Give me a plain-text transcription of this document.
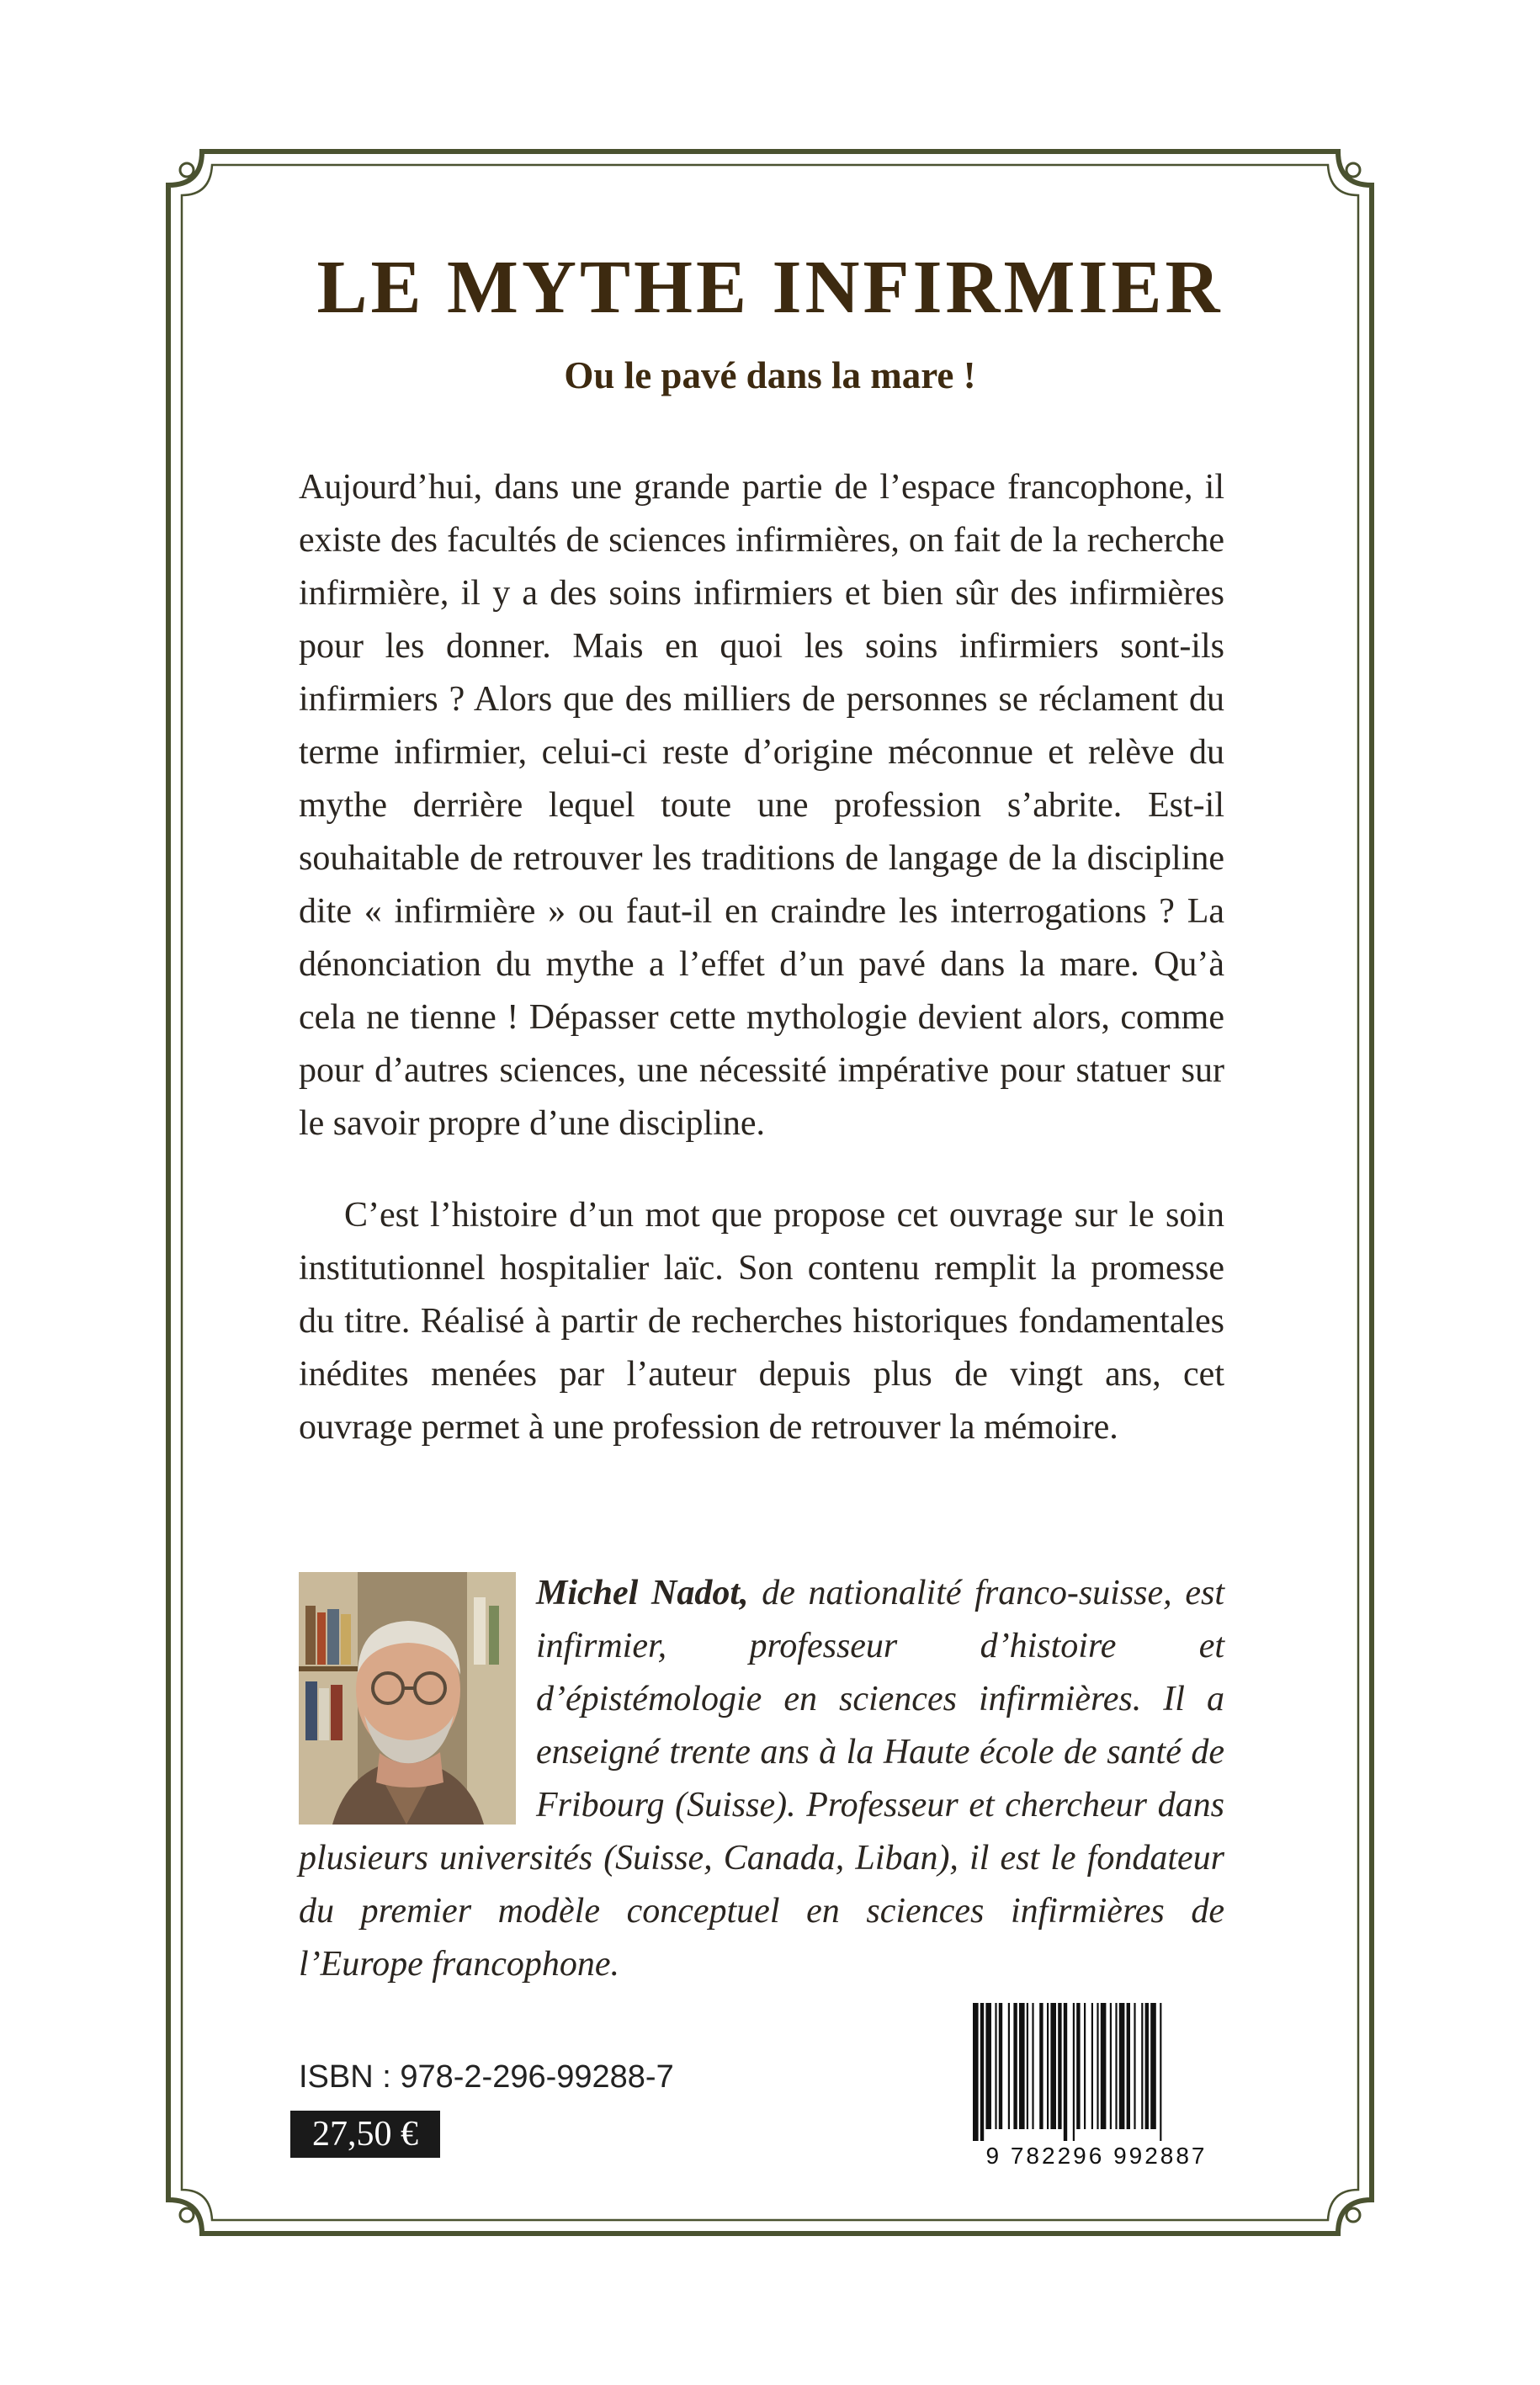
LE MYTHE INFIRMIER
Ou le pavé dans la mare !

Aujourd’hui, dans une grande partie de l’espace francophone, il existe des facultés de sciences infirmières, on fait de la recherche infirmière, il y a des soins infirmiers et bien sûr des infirmières pour les donner. Mais en quoi les soins infirmiers sont-ils infirmiers ? Alors que des milliers de personnes se réclament du terme infirmier, celui-ci reste d’origine méconnue et relève du mythe derrière lequel toute une profession s’abrite. Est-il souhaitable de retrouver les traditions de langage de la discipline dite « infirmière » ou faut-il en craindre les interrogations ? La dénonciation du mythe a l’effet d’un pavé dans la mare. Qu’à cela ne tienne ! Dépasser cette mythologie devient alors, comme pour d’autres sciences, une nécessité impérative pour statuer sur le savoir propre d’une discipline.

C’est l’histoire d’un mot que propose cet ouvrage sur le soin institutionnel hospitalier laïc. Son contenu remplit la promesse du titre. Réalisé à partir de recherches historiques fondamentales inédites menées par l’auteur depuis plus de vingt ans, cet ouvrage permet à une profession de retrouver la mémoire.

Michel Nadot, de nationalité franco-suisse, est infirmier, professeur d’histoire et d’épistémologie en sciences infirmières. Il a enseigné trente ans à la Haute école de santé de Fribourg (Suisse). Professeur et chercheur dans plusieurs universités (Suisse, Canada, Liban), il est le fondateur du premier modèle conceptuel en sciences infirmières de l’Europe francophone.
ISBN : 978-2-296-99288-7
27,50 €
9 782296 992887
